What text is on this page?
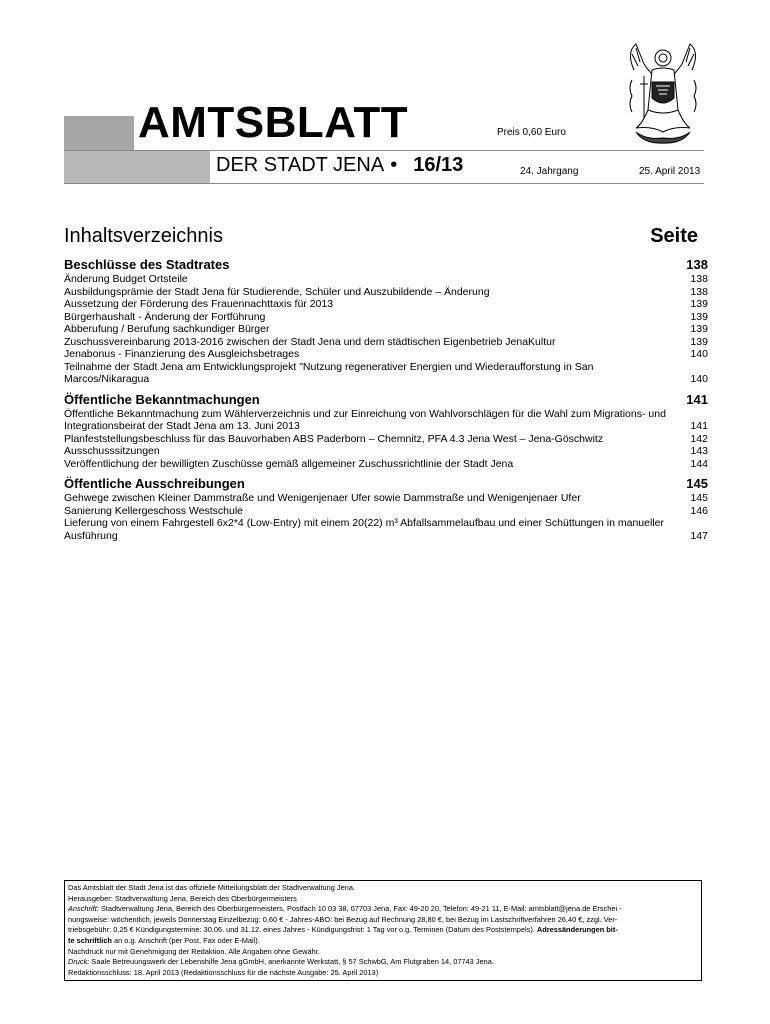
AMTSBLATT	Preis 0,60 Euro
DER STADT JENA • 16/13	24. Jahrgang	25. April 2013
Inhaltsverzeichnis	Seite
Beschlüsse des Stadtrates	138
Änderung Budget Ortsteile	138
Ausbildungsprämie der Stadt Jena für Studierende, Schüler und Auszubildende – Änderung	138
Aussetzung der Förderung des Frauennachttaxis für 2013	139
Bürgerhaushalt - Änderung der Fortführung	139
Abberufung / Berufung sachkundiger Bürger	139
Zuschussvereinbarung 2013-2016 zwischen der Stadt Jena und dem städtischen Eigenbetrieb JenaKultur	139
Jenabonus - Finanzierung des Ausgleichsbetrages	140
Teilnahme der Stadt Jena am Entwicklungsprojekt "Nutzung regenerativer Energien und Wiederaufforstung in San Marcos/Nikaragua	140
Öffentliche Bekanntmachungen	141
Öffentliche Bekanntmachung zum Wählerverzeichnis und zur Einreichung von Wahlvorschlägen für die Wahl zum Migrations- und Integrationsbeirat der Stadt Jena am 13. Juni 2013	141
Planfeststellungsbeschluss für das Bauvorhaben ABS Paderborn – Chemnitz, PFA 4.3 Jena West – Jena-Göschwitz	142
Ausschusssitzungen	143
Veröffentlichung der bewilligten Zuschüsse gemäß allgemeiner Zuschussrichtlinie der Stadt Jena	144
Öffentliche Ausschreibungen	145
Gehwege zwischen Kleiner Dammstraße und Wenigenjenaer Ufer sowie Dammstraße und Wenigenjenaer Ufer	145
Sanierung Kellergeschoss Westschule	146
Lieferung von einem Fahrgestell 6x2*4 (Low-Entry) mit einem 20(22) m³ Abfallsammelaufbau und einer Schüttungen in manueller Ausführung	147
Das Amtsblatt der Stadt Jena ist das offizielle Mitteilungsblatt der Stadtverwaltung Jena.
Herausgeber: Stadtverwaltung Jena, Bereich des Oberbürgermeisters
Anschrift: Stadtverwaltung Jena, Bereich des Oberbürgermeisters, Postfach 10 03 38, 07703 Jena, Fax: 49-20 20, Telefon: 49-21 11, E-Mail: amtsblatt@jena.de Erschei -
nungsweise: wöchentlich, jeweils Donnerstag Einzelbezug: 0,60 € - Jahres-ABO: bei Bezug auf Rechnung 28,80 €, bei Bezug im Lastschriftverfahren 26,40 €, zzgl. Ver-
triebsgebühr: 0,25 € Kündigungstermine: 30.06. und 31.12. eines Jahres - Kündigungsfrist: 1 Tag vor o.g. Terminen (Datum des Poststempels). Adressänderungen bit-
te schriftlich an o.g. Anschrift (per Post, Fax oder E-Mail).
Nachdruck nur mit Genehmigung der Redaktion. Alle Angaben ohne Gewähr.
Druck: Saale Betreuungswerk der Lebenshilfe Jena gGmbH, anerkannte Werkstatt, § 57 SchwbG, Am Flutgraben 14, 07743 Jena.
Redaktionsschluss: 18. April 2013 (Redaktionsschluss für die nächste Ausgabe: 25. April 2013)
